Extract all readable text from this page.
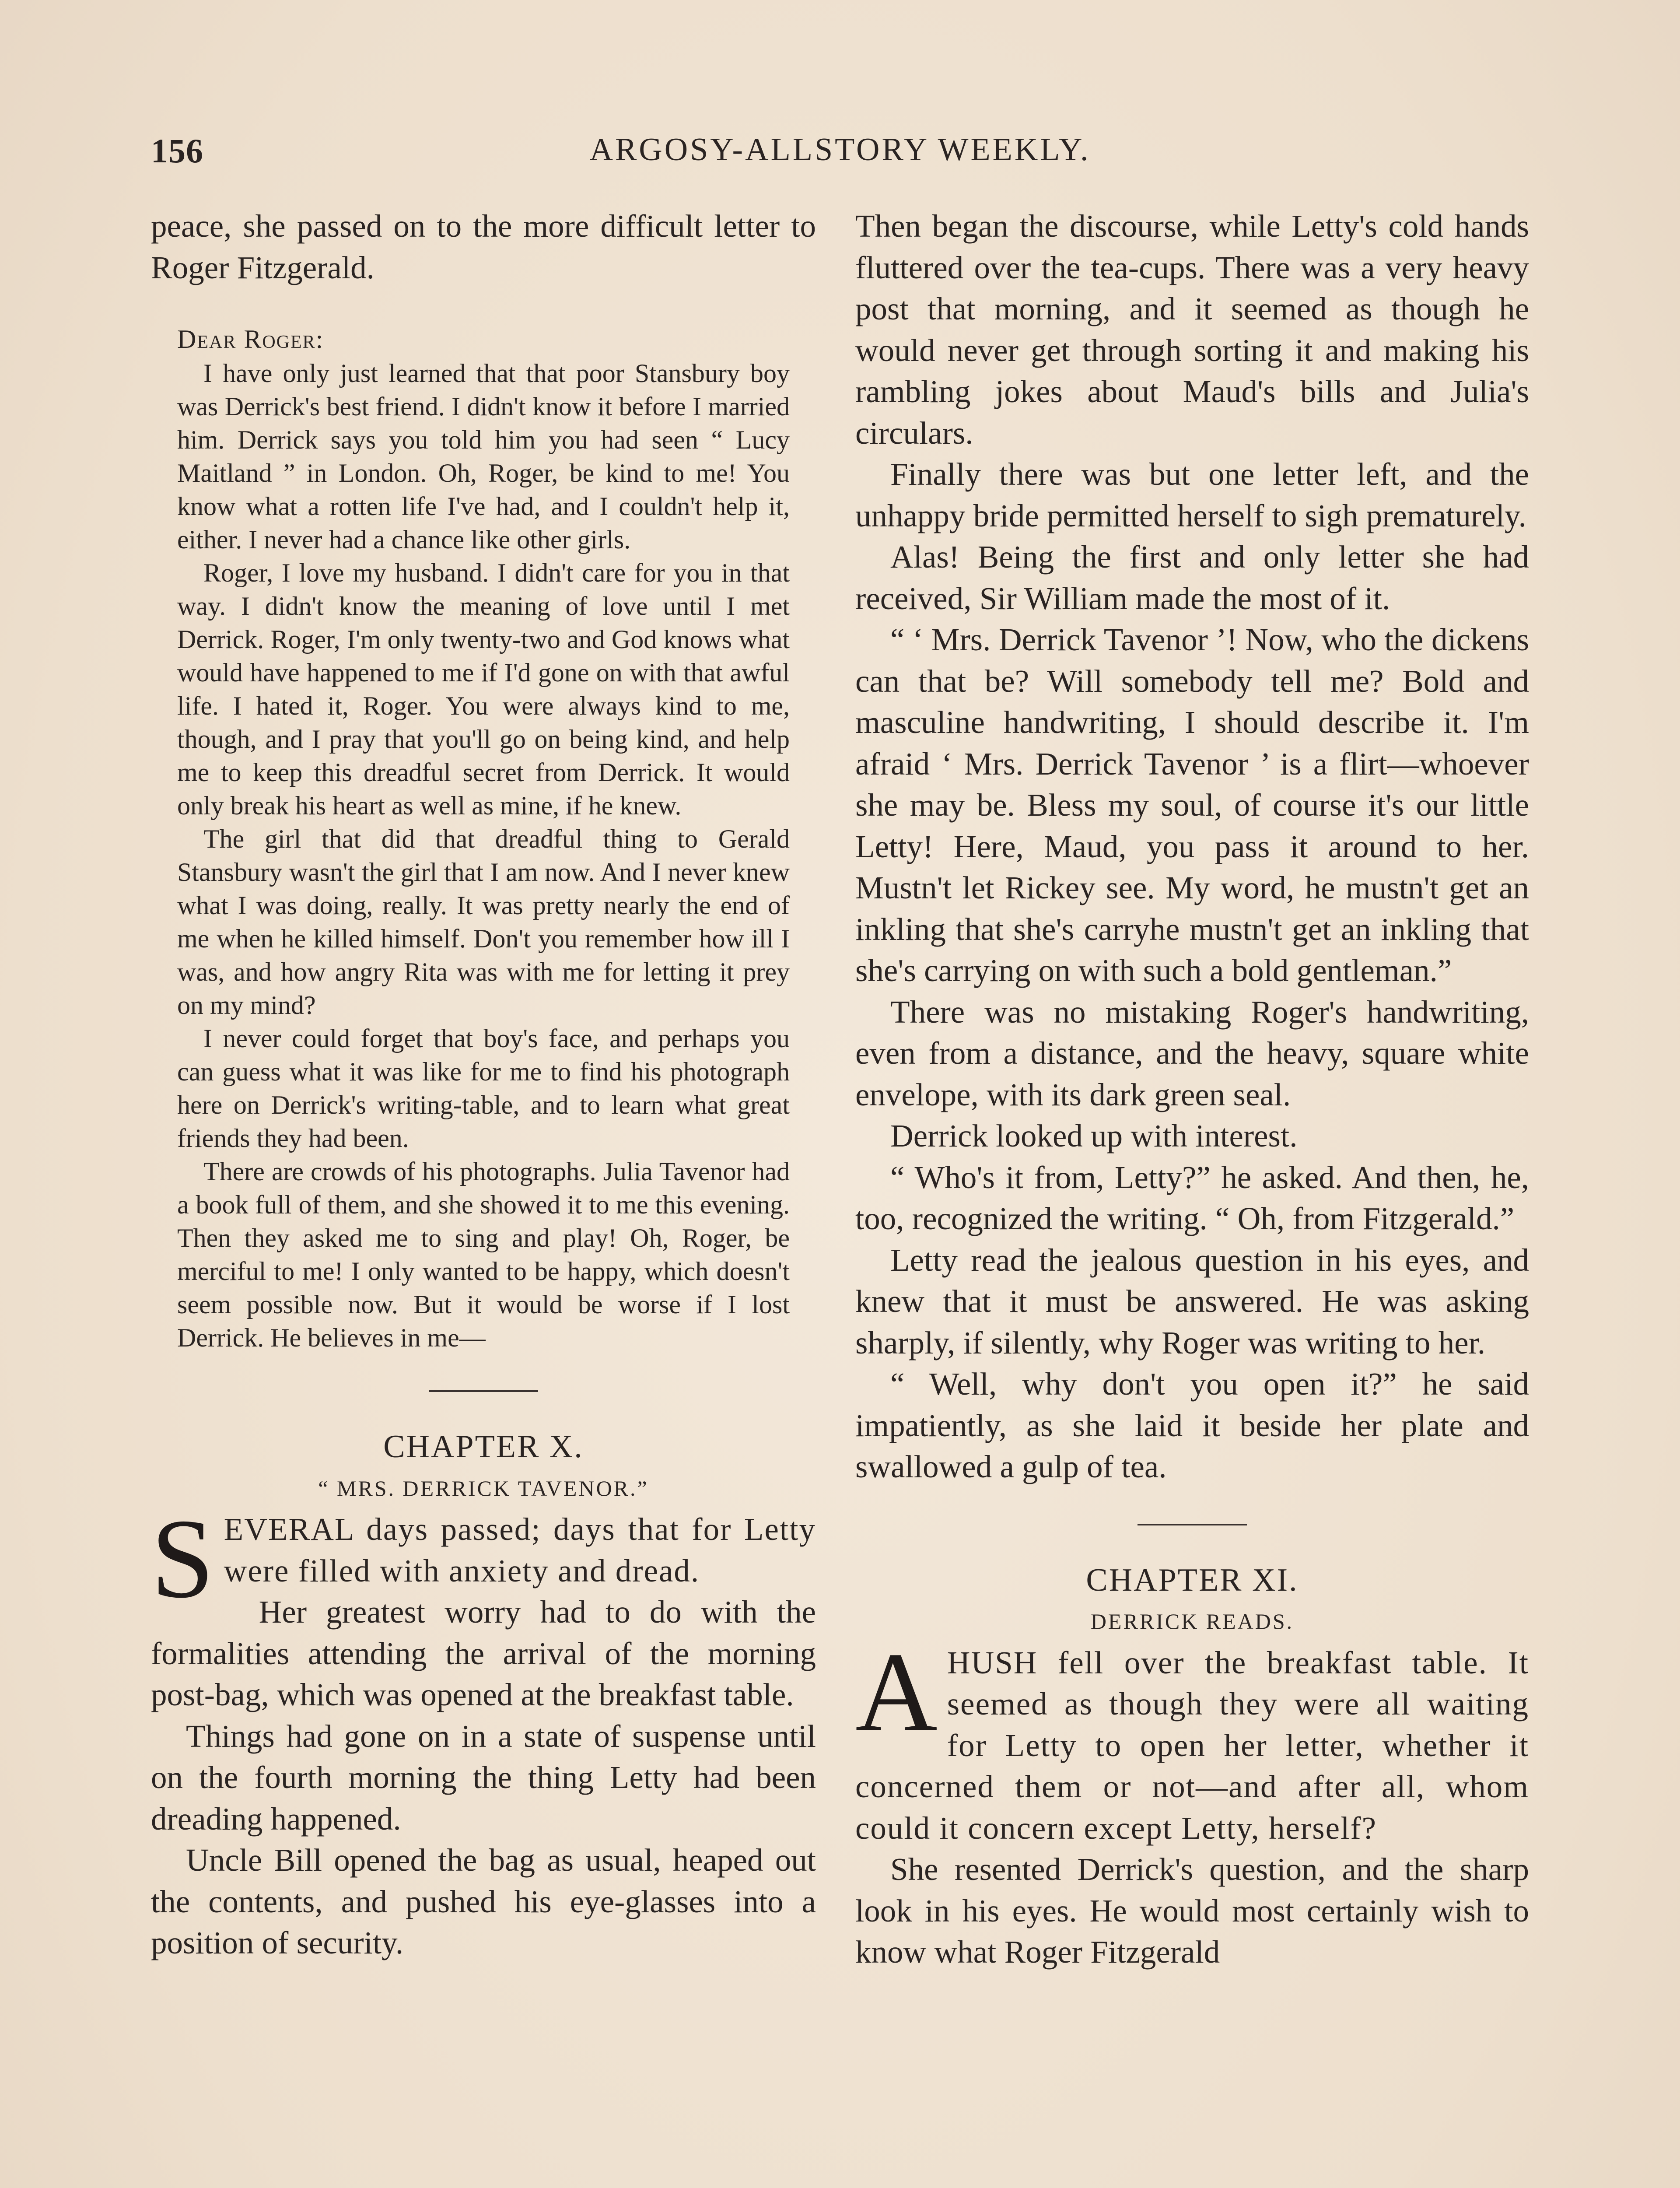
156	ARGOSY-ALLSTORY WEEKLY.

peace, she passed on to the more difficult letter to Roger Fitzgerald.

Dear Roger:

I have only just learned that that poor Stansbury boy was Derrick's best friend. I didn't know it before I married him. Derrick says you told him you had seen “ Lucy Maitland ” in London. Oh, Roger, be kind to me! You know what a rotten life I've had, and I couldn't help it, either. I never had a chance like other girls.

Roger, I love my husband. I didn't care for you in that way. I didn't know the meaning of love until I met Derrick. Roger, I'm only twenty-two and God knows what would have happened to me if I'd gone on with that awful life. I hated it, Roger. You were always kind to me, though, and I pray that you'll go on being kind, and help me to keep this dreadful secret from Derrick. It would only break his heart as well as mine, if he knew.

The girl that did that dreadful thing to Gerald Stansbury wasn't the girl that I am now. And I never knew what I was doing, really. It was pretty nearly the end of me when he killed himself. Don't you remember how ill I was, and how angry Rita was with me for letting it prey on my mind?

I never could forget that boy's face, and perhaps you can guess what it was like for me to find his photograph here on Derrick's writing-table, and to learn what great friends they had been.

There are crowds of his photographs. Julia Tavenor had a book full of them, and she showed it to me this evening. Then they asked me to sing and play! Oh, Roger, be merciful to me! I only wanted to be happy, which doesn't seem possible now. But it would be worse if I lost Derrick. He believes in me—

CHAPTER X.

“ MRS. DERRICK TAVENOR.”

SEVERAL days passed; days that for Letty were filled with anxiety and dread.

Her greatest worry had to do with the formalities attending the arrival of the morning post-bag, which was opened at the breakfast table.

Things had gone on in a state of suspense until on the fourth morning the thing Letty had been dreading happened.

Uncle Bill opened the bag as usual, heaped out the contents, and pushed his eye-glasses into a position of security.

Then began the discourse, while Letty's cold hands fluttered over the tea-cups. There was a very heavy post that morning, and it seemed as though he would never get through sorting it and making his rambling jokes about Maud's bills and Julia's circulars.

Finally there was but one letter left, and the unhappy bride permitted herself to sigh prematurely.

Alas! Being the first and only letter she had received, Sir William made the most of it.

“ ‘ Mrs. Derrick Tavenor ’! Now, who the dickens can that be? Will somebody tell me? Bold and masculine handwriting, I should describe it. I'm afraid ‘ Mrs. Derrick Tavenor ’ is a flirt—whoever she may be. Bless my soul, of course it's our little Letty! Here, Maud, you pass it around to her. Mustn't let Rickey see. My word, he mustn't get an inkling that she's carryhe mustn't get an inkling that she's carrying on with such a bold gentleman.”

There was no mistaking Roger's handwriting, even from a distance, and the heavy, square white envelope, with its dark green seal.

Derrick looked up with interest.

“ Who's it from, Letty?” he asked. And then, he, too, recognized the writing. “ Oh, from Fitzgerald.”

Letty read the jealous question in his eyes, and knew that it must be answered. He was asking sharply, if silently, why Roger was writing to her.

“ Well, why don't you open it?” he said impatiently, as she laid it beside her plate and swallowed a gulp of tea.

CHAPTER XI.

DERRICK READS.

AHUSH fell over the breakfast table. It seemed as though they were all waiting for Letty to open her letter, whether it concerned them or not—and after all, whom could it concern except Letty, herself?

She resented Derrick's question, and the sharp look in his eyes. He would most certainly wish to know what Roger Fitzgerald
